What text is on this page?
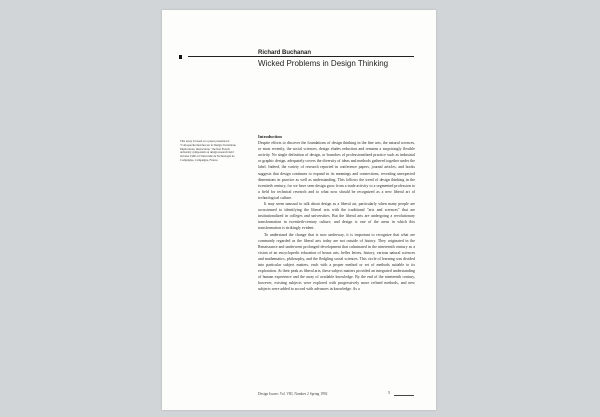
Richard Buchanan
Wicked Problems in Design Thinking
This essay is based on a paper presented at "Colloque Recherches sur le Design: Incitations, Implications, Interactions," the first French university symposium on design research held October 1990 at l'Université de Technologie de Compiègne, Compiègne, France.
Introduction

Despite efforts to discover the foundations of design thinking in the fine arts, the natural sciences, or most recently, the social sciences, design eludes reduction and remains a surprisingly flexible activity. No single definition of design, or branches of professionalized practice such as industrial or graphic design, adequately covers the diversity of ideas and methods gathered together under the label. Indeed, the variety of research reported in conference papers, journal articles, and books suggests that design continues to expand in its meanings and connections, revealing unexpected dimensions in practice as well as understanding. This follows the trend of design thinking in the twentieth century, for we have seen design grow from a trade activity to a segmented profession to a field for technical research and to what now should be recognized as a new liberal art of technological culture.

It may seem unusual to talk about design as a liberal art, particularly when many people are accustomed to identifying the liberal arts with the traditional "arts and sciences" that are institutionalized in colleges and universities. But the liberal arts are undergoing a revolutionary transformation in twentieth-century culture, and design is one of the areas in which this transformation is strikingly evident.

To understand the change that is now underway, it is important to recognize that what are commonly regarded as the liberal arts today are not outside of history. They originated in the Renaissance and underwent prolonged development that culminated in the nineteenth century as a vision of an encyclopedic education of beaux arts, belles lettres, history, various natural sciences and mathematics, philosophy, and the fledgling social sciences. This circle of learning was divided into particular subject matters, each with a proper method or set of methods suitable to its exploration. At their peak as liberal arts, these subject matters provided an integrated understanding of human experience and the array of available knowledge. By the end of the nineteenth century, however, existing subjects were explored with progressively more refined methods, and new subjects were added to accord with advances in knowledge. As a

Design Issues: Vol. VIII, Number 2 Spring 1992	5
